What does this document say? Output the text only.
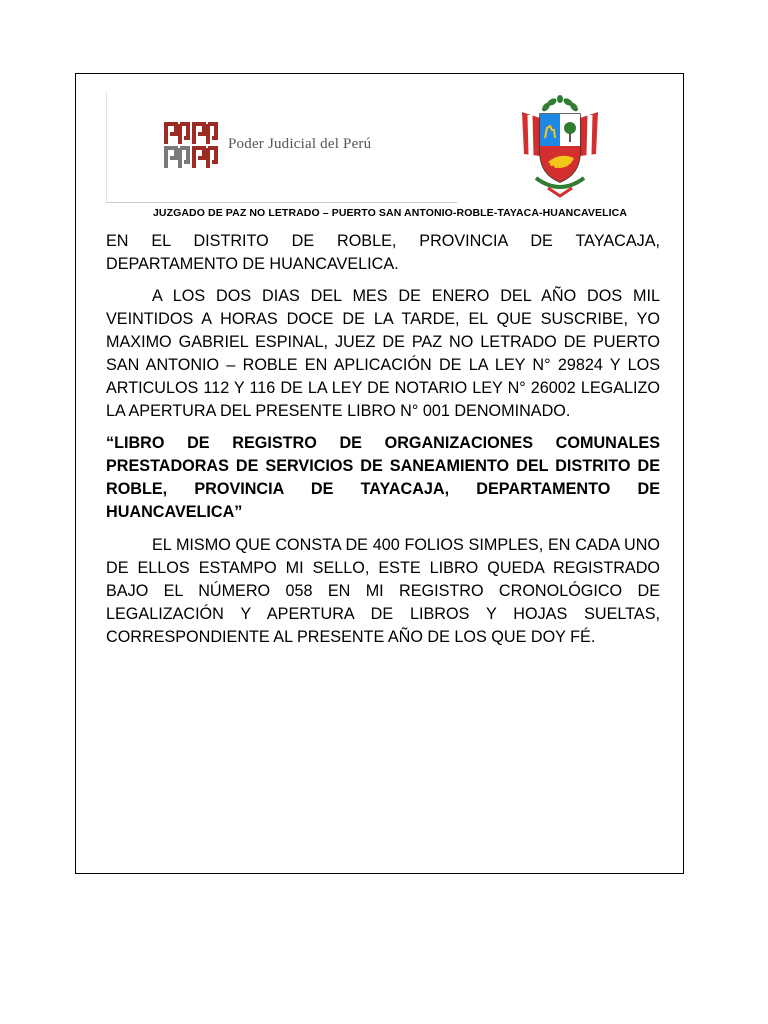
Poder Judicial del Perú
JUZGADO DE PAZ NO LETRADO – PUERTO SAN ANTONIO-ROBLE-TAYACA-HUANCAVELICA

EN EL DISTRITO DE ROBLE, PROVINCIA DE TAYACAJA, DEPARTAMENTO DE HUANCAVELICA.

A LOS DOS DIAS DEL MES DE ENERO DEL AÑO DOS MIL VEINTIDOS A HORAS DOCE DE LA TARDE, EL QUE SUSCRIBE, YO MAXIMO GABRIEL ESPINAL, JUEZ DE PAZ NO LETRADO DE PUERTO SAN ANTONIO – ROBLE EN APLICACIÓN DE LA LEY N° 29824 Y LOS ARTICULOS 112 Y 116 DE LA LEY DE NOTARIO LEY N° 26002 LEGALIZO LA APERTURA DEL PRESENTE LIBRO N° 001 DENOMINADO.

“LIBRO DE REGISTRO DE ORGANIZACIONES COMUNALES PRESTADORAS DE SERVICIOS DE SANEAMIENTO DEL DISTRITO DE ROBLE, PROVINCIA DE TAYACAJA, DEPARTAMENTO DE HUANCAVELICA”

EL MISMO QUE CONSTA DE 400 FOLIOS SIMPLES, EN CADA UNO DE ELLOS ESTAMPO MI SELLO, ESTE LIBRO QUEDA REGISTRADO BAJO EL NÚMERO 058 EN MI REGISTRO CRONOLÓGICO DE LEGALIZACIÓN Y APERTURA DE LIBROS Y HOJAS SUELTAS, CORRESPONDIENTE AL PRESENTE AÑO DE LOS QUE DOY FÉ.
